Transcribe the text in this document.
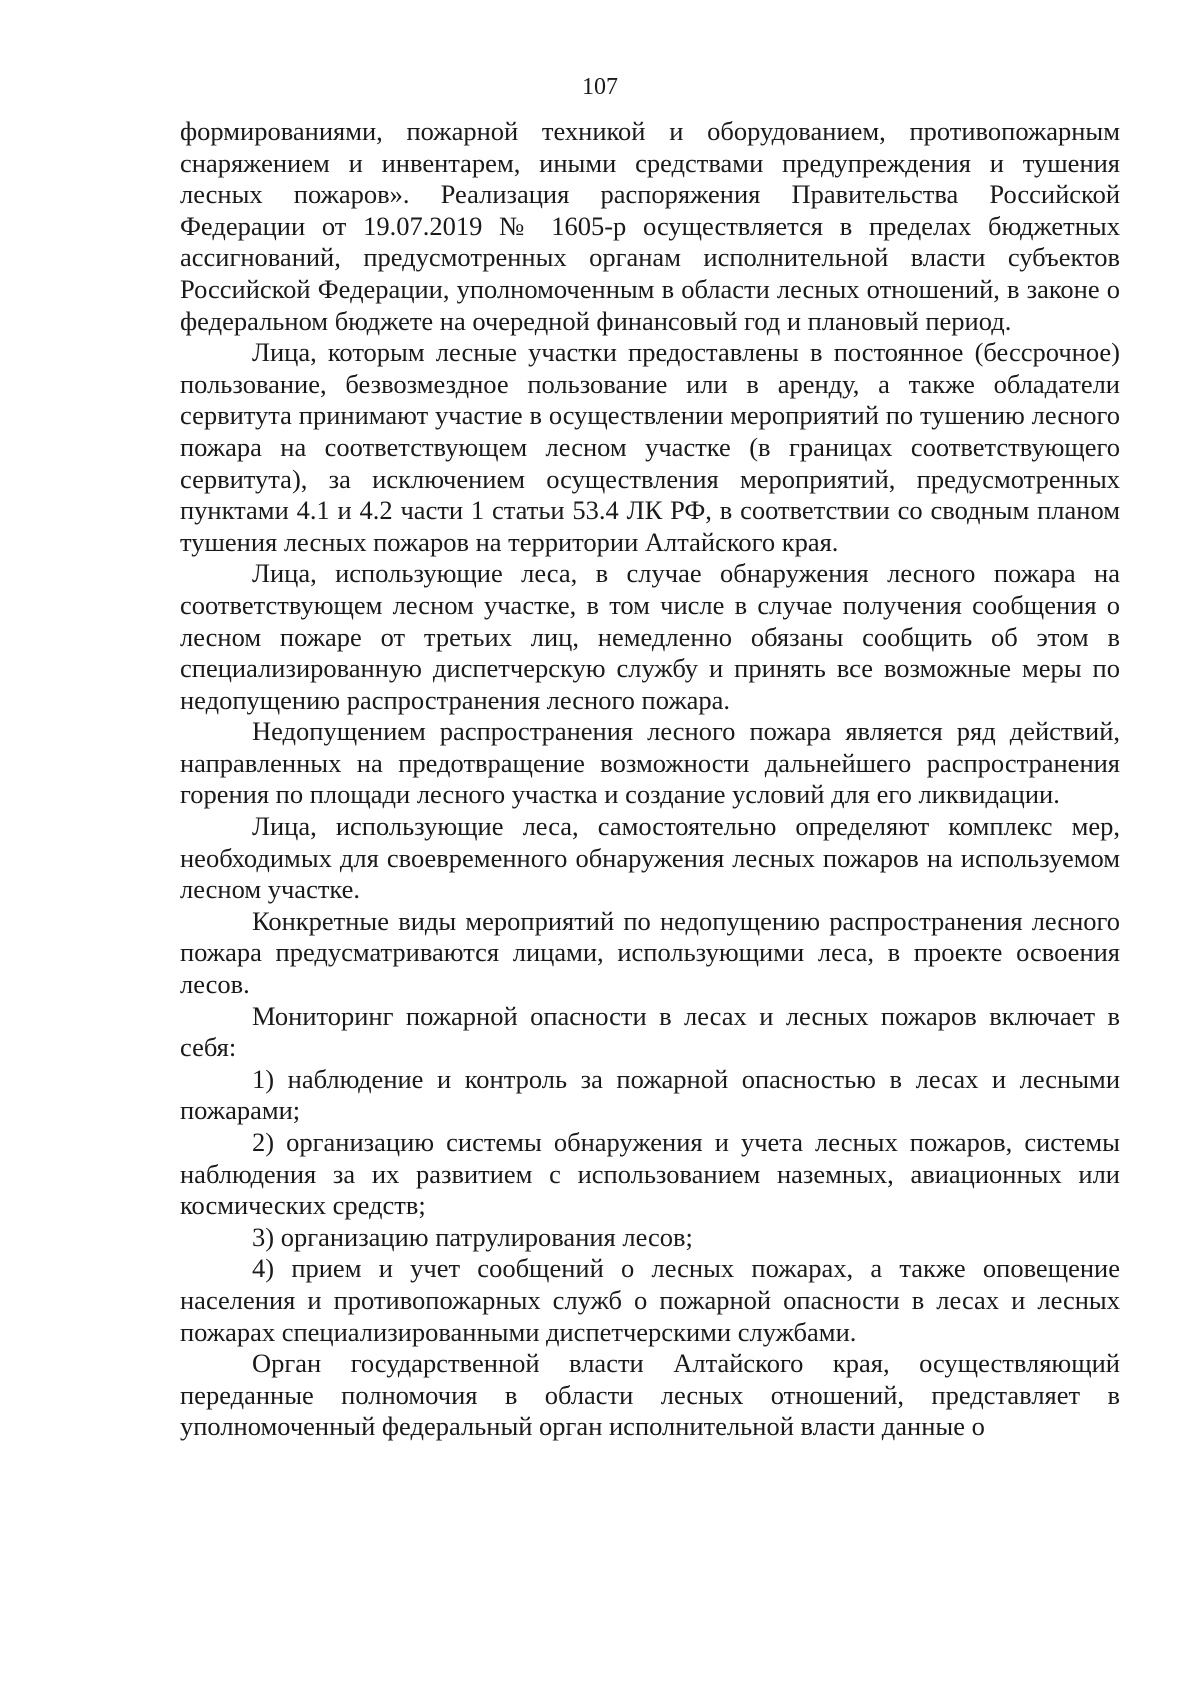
107

формированиями, пожарной техникой и оборудованием, противопожарным снаряжением и инвентарем, иными средствами предупреждения и тушения лесных пожаров». Реализация распоряжения Правительства Российской Федерации от 19.07.2019 № 1605-р осуществляется в пределах бюджетных ассигнований, предусмотренных органам исполнительной власти субъектов Российской Федерации, уполномоченным в области лесных отношений, в законе о федеральном бюджете на очередной финансовый год и плановый период.

Лица, которым лесные участки предоставлены в постоянное (бессрочное) пользование, безвозмездное пользование или в аренду, а также обладатели сервитута принимают участие в осуществлении мероприятий по тушению лесного пожара на соответствующем лесном участке (в границах соответствующего сервитута), за исключением осуществления мероприятий, предусмотренных пунктами 4.1 и 4.2 части 1 статьи 53.4 ЛК РФ, в соответствии со сводным планом тушения лесных пожаров на территории Алтайского края.

Лица, использующие леса, в случае обнаружения лесного пожара на соответствующем лесном участке, в том числе в случае получения сообщения о лесном пожаре от третьих лиц, немедленно обязаны сообщить об этом в специализированную диспетчерскую службу и принять все возможные меры по недопущению распространения лесного пожара.

Недопущением распространения лесного пожара является ряд действий, направленных на предотвращение возможности дальнейшего распространения горения по площади лесного участка и создание условий для его ликвидации.

Лица, использующие леса, самостоятельно определяют комплекс мер, необходимых для своевременного обнаружения лесных пожаров на используемом лесном участке.

Конкретные виды мероприятий по недопущению распространения лесного пожара предусматриваются лицами, использующими леса, в проекте освоения лесов.

Мониторинг пожарной опасности в лесах и лесных пожаров включает в себя:

1) наблюдение и контроль за пожарной опасностью в лесах и лесными пожарами;

2) организацию системы обнаружения и учета лесных пожаров, системы наблюдения за их развитием с использованием наземных, авиационных или космических средств;

3) организацию патрулирования лесов;

4) прием и учет сообщений о лесных пожарах, а также оповещение населения и противопожарных служб о пожарной опасности в лесах и лесных пожарах специализированными диспетчерскими службами.

Орган государственной власти Алтайского края, осуществляющий переданные полномочия в области лесных отношений, представляет в уполномоченный федеральный орган исполнительной власти данные о
